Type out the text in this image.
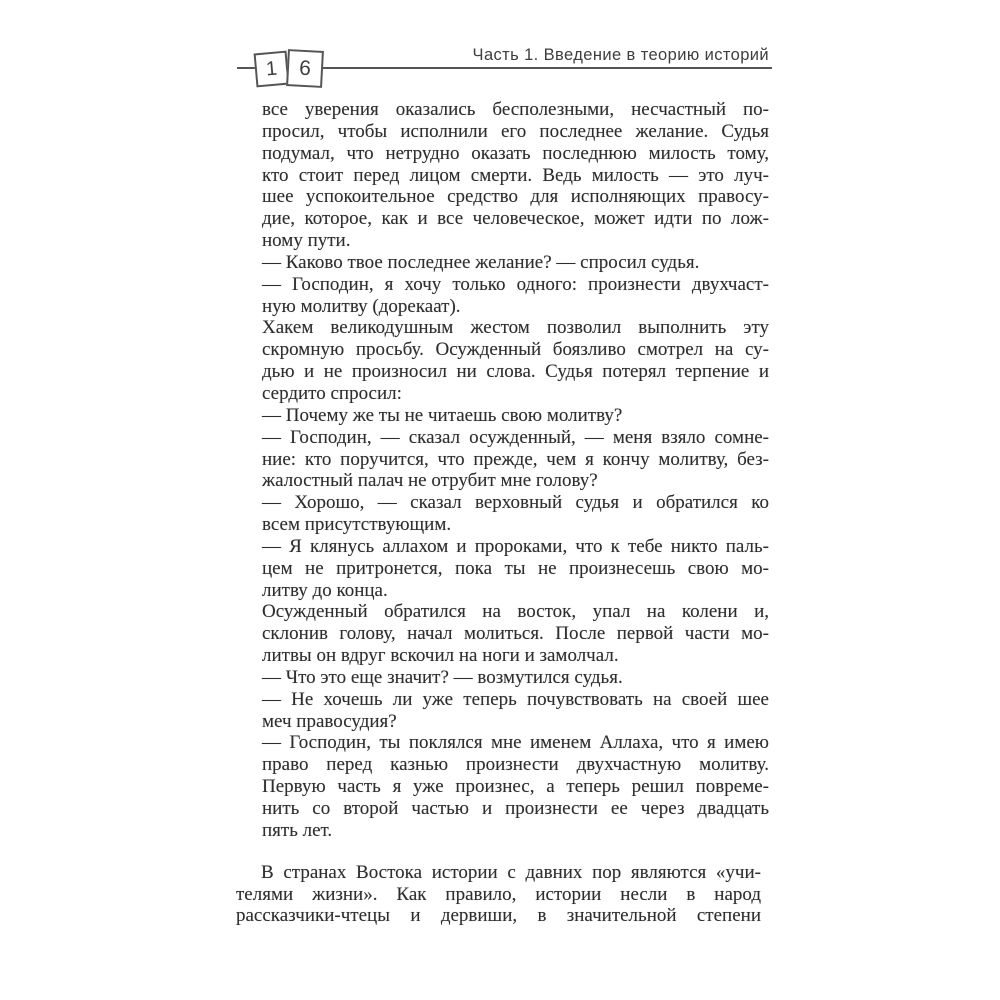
1 6
Часть 1. Введение в теорию историй
все уверения оказались бесполезными, несчастный по-
просил, чтобы исполнили его последнее желание. Судья
подумал, что нетрудно оказать последнюю милость тому,
кто стоит перед лицом смерти. Ведь милость — это луч-
шее успокоительное средство для исполняющих правосу-
дие, которое, как и все человеческое, может идти по лож-
ному пути.
— Каково твое последнее желание? — спросил судья.
— Господин, я хочу только одного: произнести двухчаст-
ную молитву (дорекаат).
Хакем великодушным жестом позволил выполнить эту
скромную просьбу. Осужденный боязливо смотрел на су-
дью и не произносил ни слова. Судья потерял терпение и
сердито спросил:
— Почему же ты не читаешь свою молитву?
— Господин, — сказал осужденный, — меня взяло сомне-
ние: кто поручится, что прежде, чем я кончу молитву, без-
жалостный палач не отрубит мне голову?
— Хорошо, — сказал верховный судья и обратился ко
всем присутствующим.
— Я клянусь аллахом и пророками, что к тебе никто паль-
цем не притронется, пока ты не произнесешь свою мо-
литву до конца.
Осужденный обратился на восток, упал на колени и,
склонив голову, начал молиться. После первой части мо-
литвы он вдруг вскочил на ноги и замолчал.
— Что это еще значит? — возмутился судья.
— Не хочешь ли уже теперь почувствовать на своей шее
меч правосудия?
— Господин, ты поклялся мне именем Аллаха, что я имею
право перед казнью произнести двухчастную молитву.
Первую часть я уже произнес, а теперь решил повреме-
нить со второй частью и произнести ее через двадцать
пять лет.
В странах Востока истории с давних пор являются «учи-
телями жизни». Как правило, истории несли в народ
рассказчики-чтецы и дервиши, в значительной степени
